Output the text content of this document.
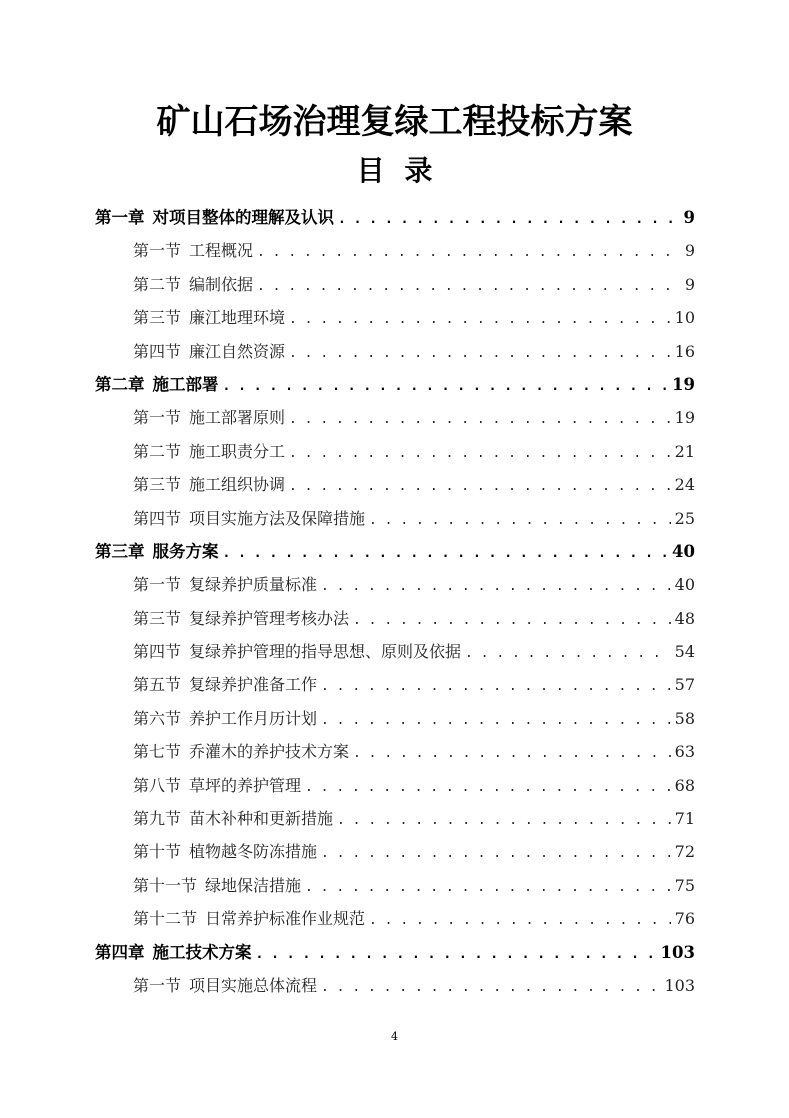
矿山石场治理复绿工程投标方案
目 录
第一章 对项目整体的理解及认识 . . .	9
第一节 工程概况 . . .	9
第二节 编制依据 . . .	9
第三节 廉江地理环境 . . .	10
第四节 廉江自然资源 . . .	16
第二章 施工部署 . . .	19
第一节 施工部署原则 . . .	19
第二节 施工职责分工 . . .	21
第三节 施工组织协调 . . .	24
第四节 项目实施方法及保障措施 . . .	25
第三章 服务方案 . . .	40
第一节 复绿养护质量标准 . . .	40
第三节 复绿养护管理考核办法 . . .	48
第四节 复绿养护管理的指导思想、原则及依据 . . .	54
第五节 复绿养护准备工作 . . .	57
第六节 养护工作月历计划 . . .	58
第七节 乔灌木的养护技术方案 . . .	63
第八节 草坪的养护管理 . . .	68
第九节 苗木补种和更新措施 . . .	71
第十节 植物越冬防冻措施 . . .	72
第十一节 绿地保洁措施 . . .	75
第十二节 日常养护标准作业规范 . . .	76
第四章 施工技术方案 . . .	103
第一节 项目实施总体流程 . . .	103
4
